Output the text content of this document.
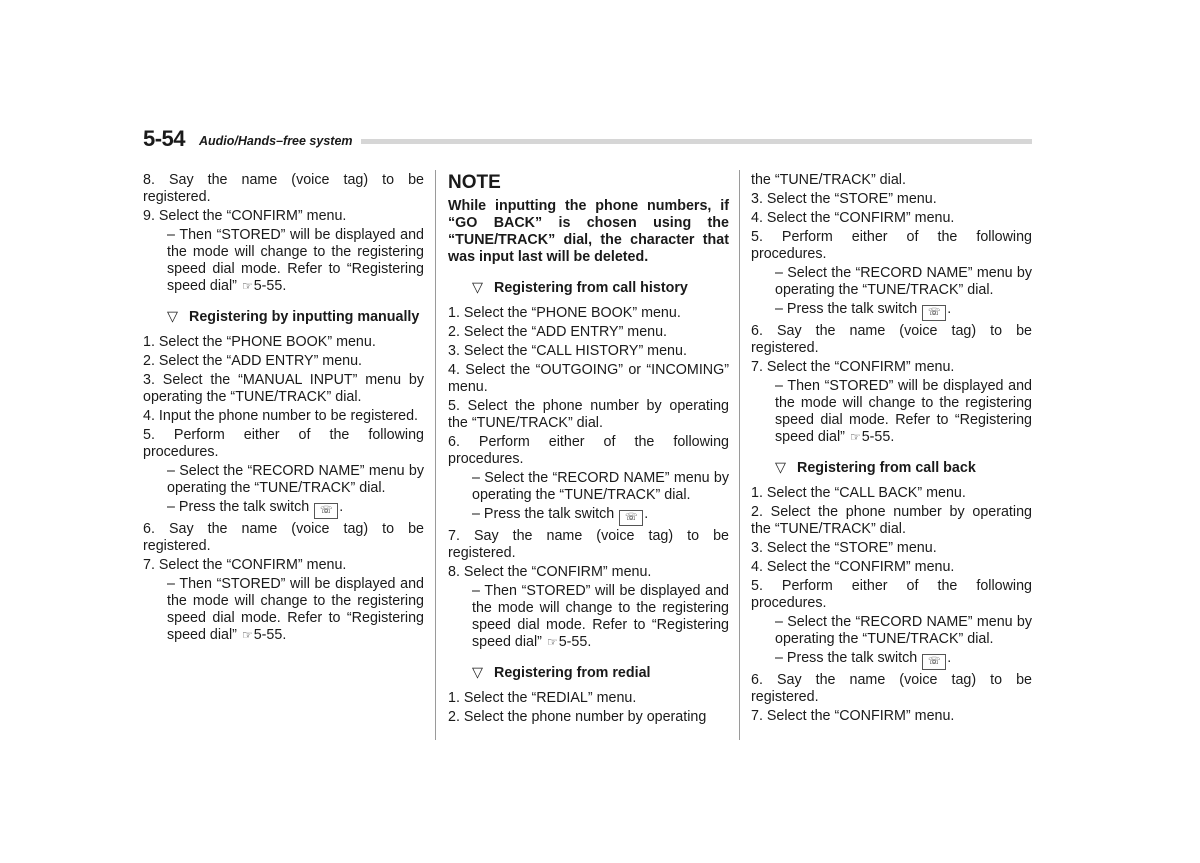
5-54 Audio/Hands–free system
8. Say the name (voice tag) to be registered.
9. Select the “CONFIRM” menu.
– Then “STORED” will be displayed and the mode will change to the registering speed dial mode. Refer to “Registering speed dial” ☞5-55.
▽ Registering by inputting manually
1. Select the “PHONE BOOK” menu.
2. Select the “ADD ENTRY” menu.
3. Select the “MANUAL INPUT” menu by operating the “TUNE/TRACK” dial.
4. Input the phone number to be registered.
5. Perform either of the following procedures.
– Select the “RECORD NAME” menu by operating the “TUNE/TRACK” dial.
– Press the talk switch ☏ .
6. Say the name (voice tag) to be registered.
7. Select the “CONFIRM” menu.
– Then “STORED” will be displayed and the mode will change to the registering speed dial mode. Refer to “Registering speed dial” ☞5-55.
NOTE
While inputting the phone numbers, if “GO BACK” is chosen using the “TUNE/TRACK” dial, the character that was input last will be deleted.
▽ Registering from call history
1. Select the “PHONE BOOK” menu.
2. Select the “ADD ENTRY” menu.
3. Select the “CALL HISTORY” menu.
4. Select the “OUTGOING” or “INCOMING” menu.
5. Select the phone number by operating the “TUNE/TRACK” dial.
6. Perform either of the following procedures.
– Select the “RECORD NAME” menu by operating the “TUNE/TRACK” dial.
– Press the talk switch ☏ .
7. Say the name (voice tag) to be registered.
8. Select the “CONFIRM” menu.
– Then “STORED” will be displayed and the mode will change to the registering speed dial mode. Refer to “Registering speed dial” ☞5-55.
▽ Registering from redial
1. Select the “REDIAL” menu.
2. Select the phone number by operating
the “TUNE/TRACK” dial.
3. Select the “STORE” menu.
4. Select the “CONFIRM” menu.
5. Perform either of the following procedures.
– Select the “RECORD NAME” menu by operating the “TUNE/TRACK” dial.
– Press the talk switch ☏ .
6. Say the name (voice tag) to be registered.
7. Select the “CONFIRM” menu.
– Then “STORED” will be displayed and the mode will change to the registering speed dial mode. Refer to “Registering speed dial” ☞5-55.
▽ Registering from call back
1. Select the “CALL BACK” menu.
2. Select the phone number by operating the “TUNE/TRACK” dial.
3. Select the “STORE” menu.
4. Select the “CONFIRM” menu.
5. Perform either of the following procedures.
– Select the “RECORD NAME” menu by operating the “TUNE/TRACK” dial.
– Press the talk switch ☏ .
6. Say the name (voice tag) to be registered.
7. Select the “CONFIRM” menu.
